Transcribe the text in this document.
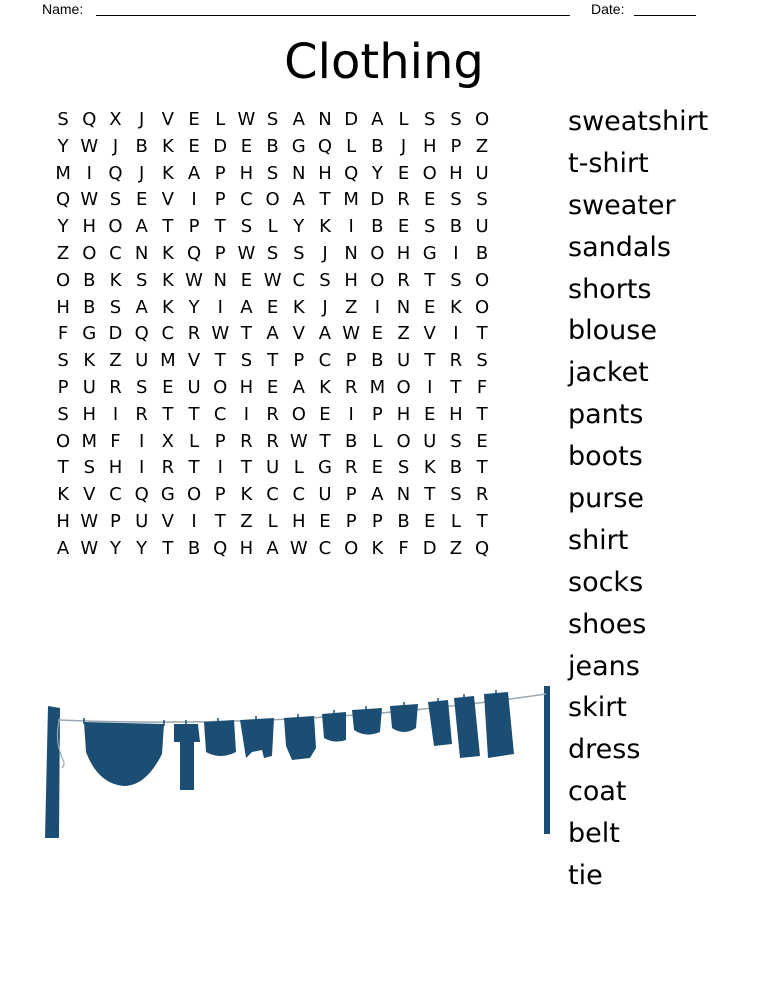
Name:	Date:
Clothing
S Q X J V E L W S A N D A L S S O
Y W J B K E D E B G Q L B J H P Z
M I Q J K A P H S N H Q Y E O H U
Q W S E V I	P C O A T M D R E S S
Y H O A T P T S L Y K I B E S B U
Z O C N K Q P W S S J N O H G I B
O B K S K W N E W C S H O R T S O
H B S A K Y	I A E K J Z I N E K O
F G D Q C R W T A V A W E Z V I	T
S K Z U M V T S T P C P B U T R S
P U R S E U O H E A K R M O I	T F
S H I R T T C I R O E I	P H E H T
O M F	I X L P R R W T B L O U S E
T S H I R T	I	T U L G R E S K B T
K V C Q G O P K C C U P A N T S R
H W P U V I	T Z L H E P P B E L T
A W Y Y T B Q H A W C O K F D Z Q
sweatshirt
t-shirt
sweater
sandals
shorts
blouse
jacket
pants
boots
purse
shirt
socks
shoes
jeans
skirt
dress
coat
belt
tie
